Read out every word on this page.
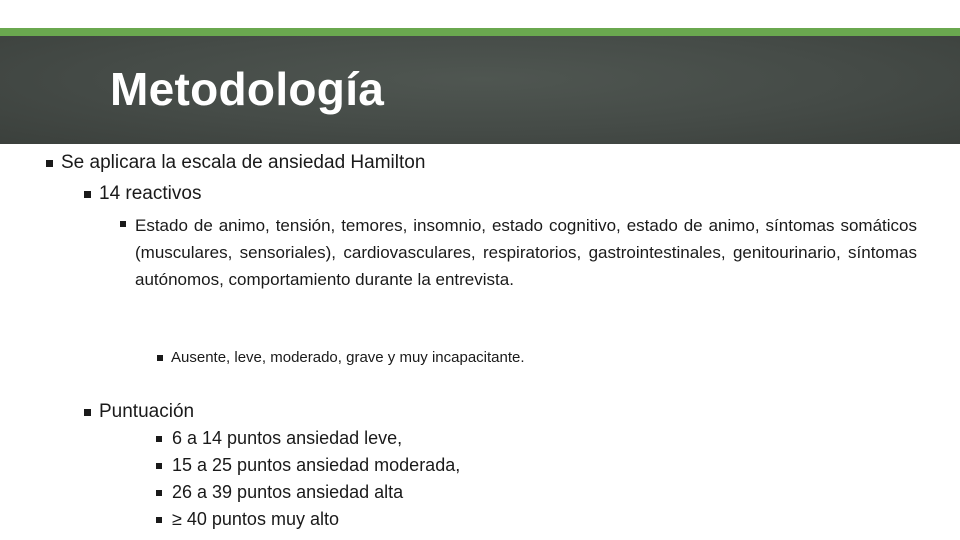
Metodología
Se aplicara la escala de ansiedad Hamilton
14 reactivos
Estado de animo, tensión, temores, insomnio, estado cognitivo, estado de animo, síntomas somáticos (musculares, sensoriales), cardiovasculares, respiratorios, gastrointestinales, genitourinario, síntomas autónomos, comportamiento durante la entrevista.
Ausente, leve, moderado, grave y muy incapacitante.
Puntuación
6 a 14 puntos ansiedad leve,
15 a 25 puntos ansiedad moderada,
26 a 39 puntos ansiedad alta
≥ 40 puntos muy alto
